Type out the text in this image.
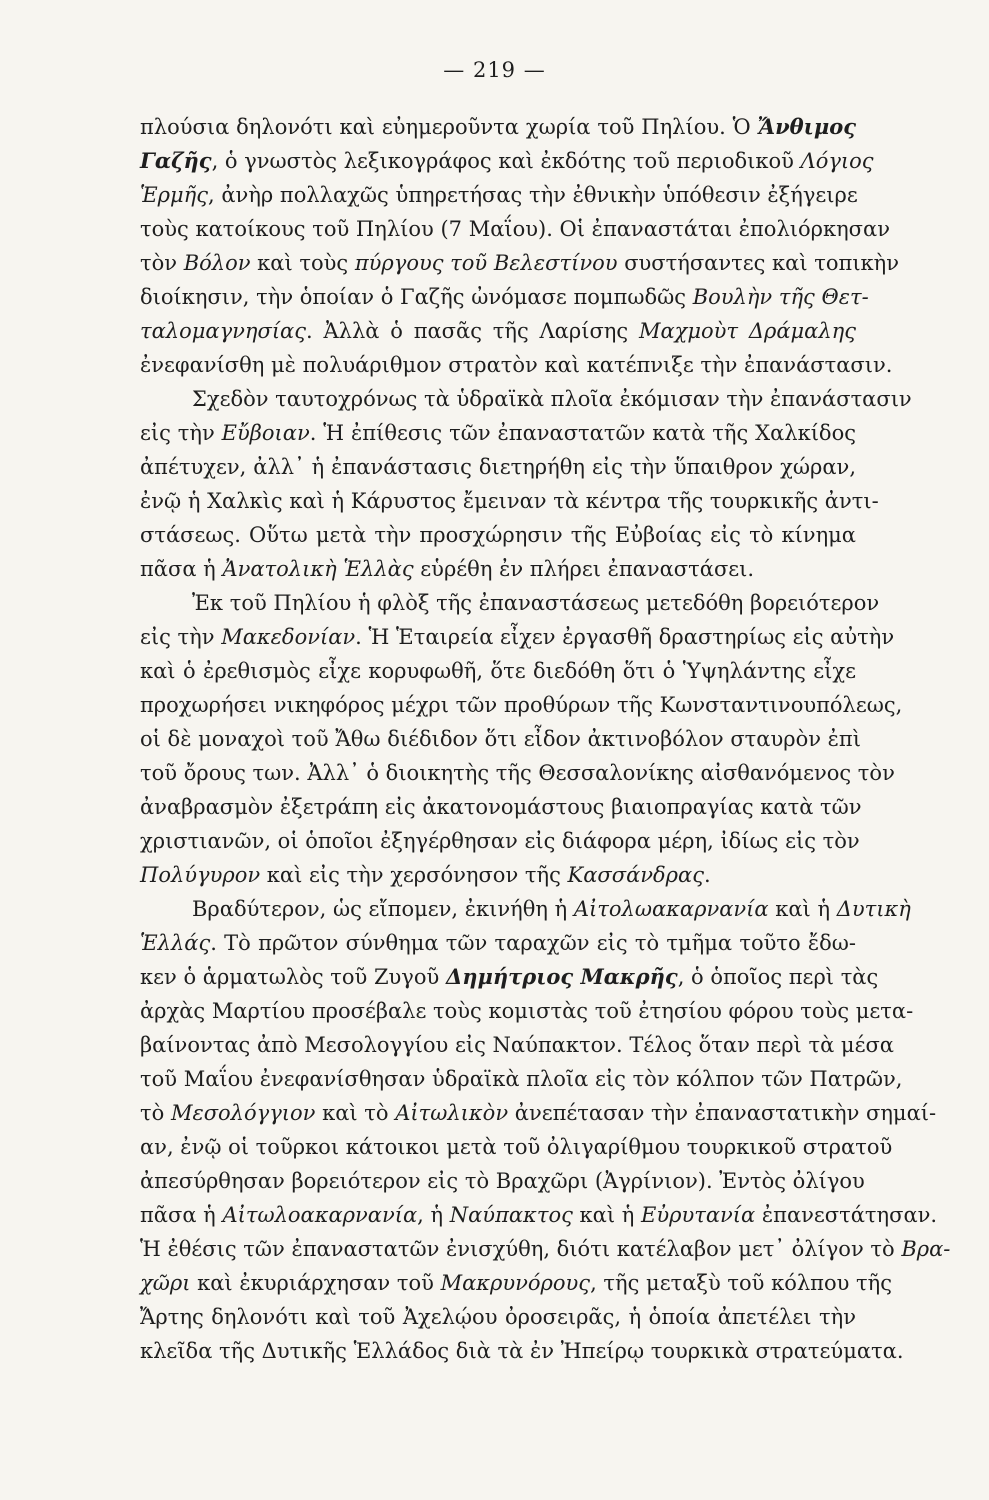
— 219 —
πλούσια δηλονότι καὶ εὐημεροῦντα χωρία τοῦ Πηλίου. Ὁ Ἄνθιμος
Γαζῆς, ὁ γνωστὸς λεξικογράφος καὶ ἐκδότης τοῦ περιοδικοῦ Λόγιος
Ἑρμῆς, ἀνὴρ πολλαχῶς ὑπηρετήσας τὴν ἐθνικὴν ὑπόθεσιν ἐξήγειρε
τοὺς κατοίκους τοῦ Πηλίου (7 Μαΐου). Οἱ ἐπαναστάται ἐπολιόρκησαν
τὸν Βόλον καὶ τοὺς πύργους τοῦ Βελεστίνου συστήσαντες καὶ τοπικὴν
διοίκησιν, τὴν ὁποίαν ὁ Γαζῆς ὠνόμασε πομπωδῶς Βουλὴν τῆς Θετ-
ταλομαγνησίας. Ἀλλὰ ὁ πασᾶς τῆς Λαρίσης Μαχμοὺτ Δράμαλης
ἐνεφανίσθη μὲ πολυάριθμον στρατὸν καὶ κατέπνιξε τὴν ἐπανάστασιν.
Σχεδὸν ταυτοχρόνως τὰ ὑδραϊκὰ πλοῖα ἐκόμισαν τὴν ἐπανάστασιν
εἰς τὴν Εὔβοιαν. Ἡ ἐπίθεσις τῶν ἐπαναστατῶν κατὰ τῆς Χαλκίδος
ἀπέτυχεν, ἀλλ᾿ ἡ ἐπανάστασις διετηρήθη εἰς τὴν ὕπαιθρον χώραν,
ἐνῷ ἡ Χαλκὶς καὶ ἡ Κάρυστος ἔμειναν τὰ κέντρα τῆς τουρκικῆς ἀντι-
στάσεως. Οὕτω μετὰ τὴν προσχώρησιν τῆς Εὐβοίας εἰς τὸ κίνημα
πᾶσα ἡ Ἀνατολικὴ Ἑλλὰς εὑρέθη ἐν πλήρει ἐπαναστάσει.
Ἐκ τοῦ Πηλίου ἡ φλὸξ τῆς ἐπαναστάσεως μετεδόθη βορειότερον
εἰς τὴν Μακεδονίαν. Ἡ Ἑταιρεία εἶχεν ἐργασθῆ δραστηρίως εἰς αὐτὴν
καὶ ὁ ἐρεθισμὸς εἶχε κορυφωθῆ, ὅτε διεδόθη ὅτι ὁ Ὑψηλάντης εἶχε
προχωρήσει νικηφόρος μέχρι τῶν προθύρων τῆς Κωνσταντινουπόλεως,
οἱ δὲ μοναχοὶ τοῦ Ἄθω διέδιδον ὅτι εἶδον ἀκτινοβόλον σταυρὸν ἐπὶ
τοῦ ὄρους των. Ἀλλ᾿ ὁ διοικητὴς τῆς Θεσσαλονίκης αἰσθανόμενος τὸν
ἀναβρασμὸν ἐξετράπη εἰς ἀκατονομάστους βιαιοπραγίας κατὰ τῶν
χριστιανῶν, οἱ ὁποῖοι ἐξηγέρθησαν εἰς διάφορα μέρη, ἰδίως εἰς τὸν
Πολύγυρον καὶ εἰς τὴν χερσόνησον τῆς Κασσάνδρας.
Βραδύτερον, ὡς εἴπομεν, ἐκινήθη ἡ Αἰτολωακαρνανία καὶ ἡ Δυτικὴ
Ἑλλάς. Τὸ πρῶτον σύνθημα τῶν ταραχῶν εἰς τὸ τμῆμα τοῦτο ἔδω-
κεν ὁ ἁρματωλὸς τοῦ Ζυγοῦ Δημήτριος Μακρῆς, ὁ ὁποῖος περὶ τὰς
ἀρχὰς Μαρτίου προσέβαλε τοὺς κομιστὰς τοῦ ἐτησίου φόρου τοὺς μετα-
βαίνοντας ἀπὸ Μεσολογγίου εἰς Ναύπακτον. Τέλος ὅταν περὶ τὰ μέσα
τοῦ Μαΐου ἐνεφανίσθησαν ὑδραϊκὰ πλοῖα εἰς τὸν κόλπον τῶν Πατρῶν,
τὸ Μεσολόγγιον καὶ τὸ Αἰτωλικὸν ἀνεπέτασαν τὴν ἐπαναστατικὴν σημαί-
αν, ἐνῷ οἱ τοῦρκοι κάτοικοι μετὰ τοῦ ὀλιγαρίθμου τουρκικοῦ στρατοῦ
ἀπεσύρθησαν βορειότερον εἰς τὸ Βραχῶρι (Ἀγρίνιον). Ἐντὸς ὀλίγου
πᾶσα ἡ Αἰτωλοακαρνανία, ἡ Ναύπακτος καὶ ἡ Εὐρυτανία ἐπανεστάτησαν.
Ἡ ἐθέσις τῶν ἐπαναστατῶν ἐνισχύθη, διότι κατέλαβον μετ᾿ ὀλίγον τὸ Βρα-
χῶρι καὶ ἐκυριάρχησαν τοῦ Μακρυνόρους, τῆς μεταξὺ τοῦ κόλπου τῆς
Ἄρτης δηλονότι καὶ τοῦ Ἀχελῴου ὀροσειρᾶς, ἡ ὁποία ἀπετέλει τὴν
κλεῖδα τῆς Δυτικῆς Ἑλλάδος διὰ τὰ ἐν Ἠπείρῳ τουρκικὰ στρατεύματα.
